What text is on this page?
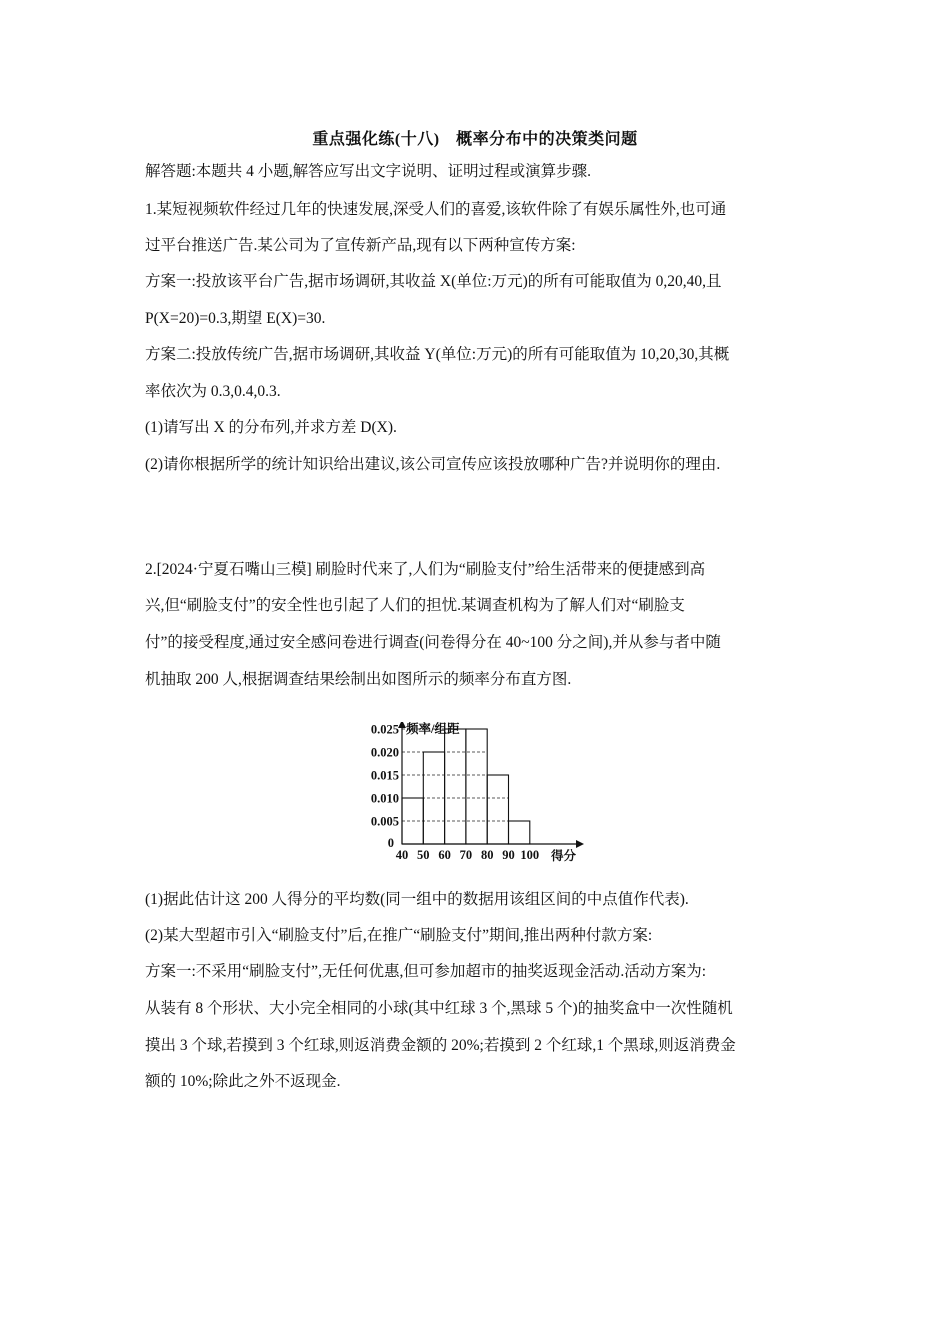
重点强化练(十八)　概率分布中的决策类问题
解答题:本题共 4 小题,解答应写出文字说明、证明过程或演算步骤.
1.某短视频软件经过几年的快速发展,深受人们的喜爱,该软件除了有娱乐属性外,也可通
过平台推送广告.某公司为了宣传新产品,现有以下两种宣传方案:
方案一:投放该平台广告,据市场调研,其收益 X(单位:万元)的所有可能取值为 0,20,40,且
P(X=20)=0.3,期望 E(X)=30.
方案二:投放传统广告,据市场调研,其收益 Y(单位:万元)的所有可能取值为 10,20,30,其概
率依次为 0.3,0.4,0.3.
(1)请写出 X 的分布列,并求方差 D(X).
(2)请你根据所学的统计知识给出建议,该公司宣传应该投放哪种广告?并说明你的理由.
2.[2024·宁夏石嘴山三模] 刷脸时代来了,人们为“刷脸支付”给生活带来的便捷感到高
兴,但“刷脸支付”的安全性也引起了人们的担忧.某调查机构为了解人们对“刷脸支
付”的接受程度,通过安全感问卷进行调查(问卷得分在 40~100 分之间),并从参与者中随
机抽取 200 人,根据调查结果绘制出如图所示的频率分布直方图.
0.005
0.010
0.015
0.020
0.025
0
40 50 60 70 80 90 100
频率/组距
得分
(1)据此估计这 200 人得分的平均数(同一组中的数据用该组区间的中点值作代表).
(2)某大型超市引入“刷脸支付”后,在推广“刷脸支付”期间,推出两种付款方案:
方案一:不采用“刷脸支付”,无任何优惠,但可参加超市的抽奖返现金活动.活动方案为:
从装有 8 个形状、大小完全相同的小球(其中红球 3 个,黑球 5 个)的抽奖盒中一次性随机
摸出 3 个球,若摸到 3 个红球,则返消费金额的 20%;若摸到 2 个红球,1 个黑球,则返消费金
额的 10%;除此之外不返现金.
